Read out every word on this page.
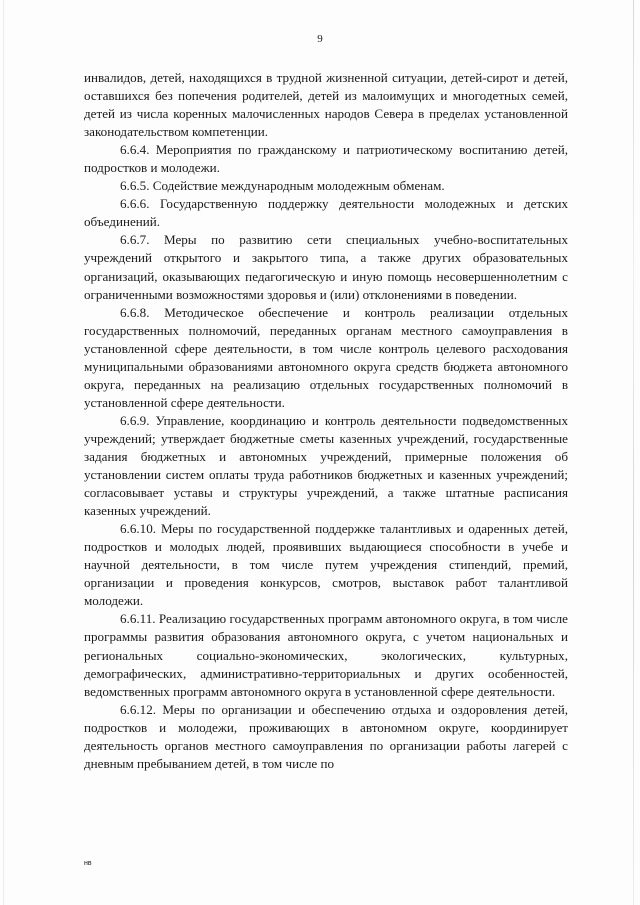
9

инвалидов, детей, находящихся в трудной жизненной ситуации, детей-сирот и детей, оставшихся без попечения родителей, детей из малоимущих и многодетных семей, детей из числа коренных малочисленных народов Севера в пределах установленной законодательством компетенции.

6.6.4. Мероприятия по гражданскому и патриотическому воспитанию детей, подростков и молодежи.

6.6.5. Содействие международным молодежным обменам.

6.6.6. Государственную поддержку деятельности молодежных и детских объединений.

6.6.7. Меры по развитию сети специальных учебно-воспитательных учреждений открытого и закрытого типа, а также других образовательных организаций, оказывающих педагогическую и иную помощь несовершеннолетним с ограниченными возможностями здоровья и (или) отклонениями в поведении.

6.6.8. Методическое обеспечение и контроль реализации отдельных государственных полномочий, переданных органам местного самоуправления в установленной сфере деятельности, в том числе контроль целевого расходования муниципальными образованиями автономного округа средств бюджета автономного округа, переданных на реализацию отдельных государственных полномочий в установленной сфере деятельности.

6.6.9. Управление, координацию и контроль деятельности подведомственных учреждений; утверждает бюджетные сметы казенных учреждений, государственные задания бюджетных и автономных учреждений, примерные положения об установлении систем оплаты труда работников бюджетных и казенных учреждений; согласовывает уставы и структуры учреждений, а также штатные расписания казенных учреждений.

6.6.10. Меры по государственной поддержке талантливых и одаренных детей, подростков и молодых людей, проявивших выдающиеся способности в учебе и научной деятельности, в том числе путем учреждения стипендий, премий, организации и проведения конкурсов, смотров, выставок работ талантливой молодежи.

6.6.11. Реализацию государственных программ автономного округа, в том числе программы развития образования автономного округа, с учетом национальных и региональных социально-экономических, экологических, культурных, демографических, административно-территориальных и других особенностей, ведомственных программ автономного округа в установленной сфере деятельности.

6.6.12. Меры по организации и обеспечению отдыха и оздоровления детей, подростков и молодежи, проживающих в автономном округе, координирует деятельность органов местного самоуправления по организации работы лагерей с дневным пребыванием детей, в том числе по

нв
